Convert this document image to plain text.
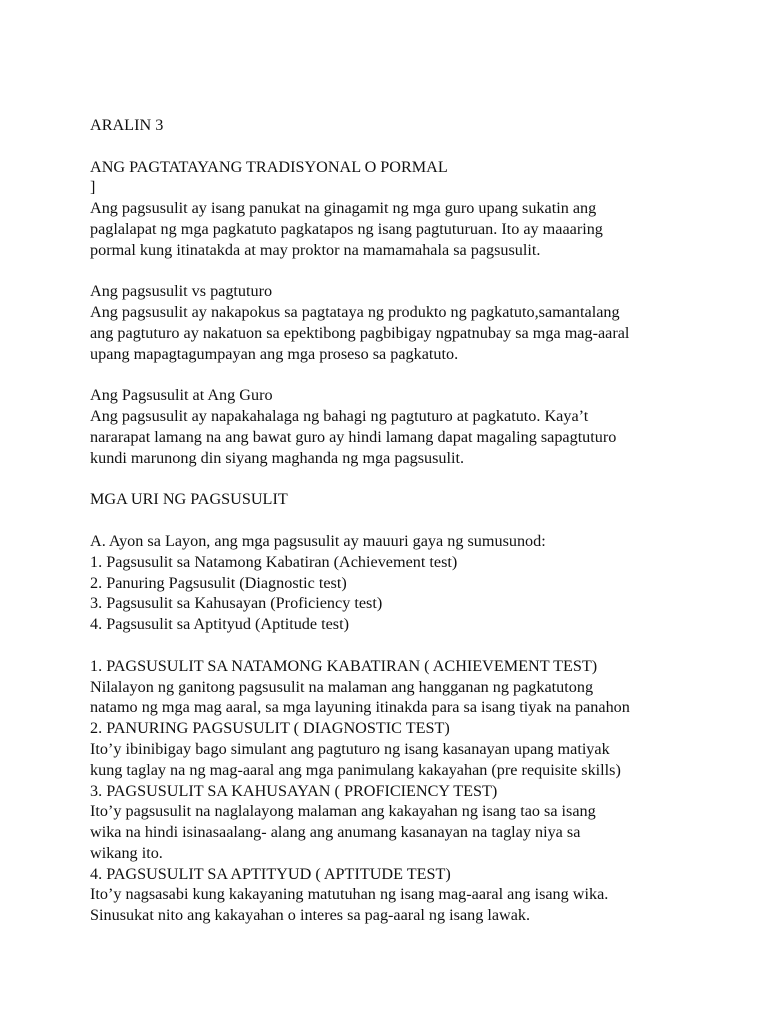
ARALIN 3
ANG PAGTATAYANG TRADISYONAL O PORMAL
]
Ang pagsusulit ay isang panukat na ginagamit ng mga guro upang sukatin ang
paglalapat ng mga pagkatuto pagkatapos ng isang pagtuturuan. Ito ay maaaring
pormal kung itinatakda at may proktor na mamamahala sa pagsusulit.
Ang pagsusulit vs pagtuturo
Ang pagsusulit ay nakapokus sa pagtataya ng produkto ng pagkatuto,samantalang
ang pagtuturo ay nakatuon sa epektibong pagbibigay ngpatnubay sa mga mag-aaral
upang mapagtagumpayan ang mga proseso sa pagkatuto.
Ang Pagsusulit at Ang Guro
Ang pagsusulit ay napakahalaga ng bahagi ng pagtuturo at pagkatuto. Kaya’t
nararapat lamang na ang bawat guro ay hindi lamang dapat magaling sapagtuturo
kundi marunong din siyang maghanda ng mga pagsusulit.
MGA URI NG PAGSUSULIT
A. Ayon sa Layon, ang mga pagsusulit ay mauuri gaya ng sumusunod:
1. Pagsusulit sa Natamong Kabatiran (Achievement test)
2. Panuring Pagsusulit (Diagnostic test)
3. Pagsusulit sa Kahusayan (Proficiency test)
4. Pagsusulit sa Aptityud (Aptitude test)
1. PAGSUSULIT SA NATAMONG KABATIRAN ( ACHIEVEMENT TEST)
Nilalayon ng ganitong pagsusulit na malaman ang hangganan ng pagkatutong
natamo ng mga mag aaral, sa mga layuning itinakda para sa isang tiyak na panahon
2. PANURING PAGSUSULIT ( DIAGNOSTIC TEST)
Ito’y ibinibigay bago simulant ang pagtuturo ng isang kasanayan upang matiyak
kung taglay na ng mag-aaral ang mga panimulang kakayahan (pre requisite skills)
3. PAGSUSULIT SA KAHUSAYAN ( PROFICIENCY TEST)
Ito’y pagsusulit na naglalayong malaman ang kakayahan ng isang tao sa isang
wika na hindi isinasaalang- alang ang anumang kasanayan na taglay niya sa
wikang ito.
4. PAGSUSULIT SA APTITYUD ( APTITUDE TEST)
Ito’y nagsasabi kung kakayaning matutuhan ng isang mag-aaral ang isang wika.
Sinusukat nito ang kakayahan o interes sa pag-aaral ng isang lawak.
